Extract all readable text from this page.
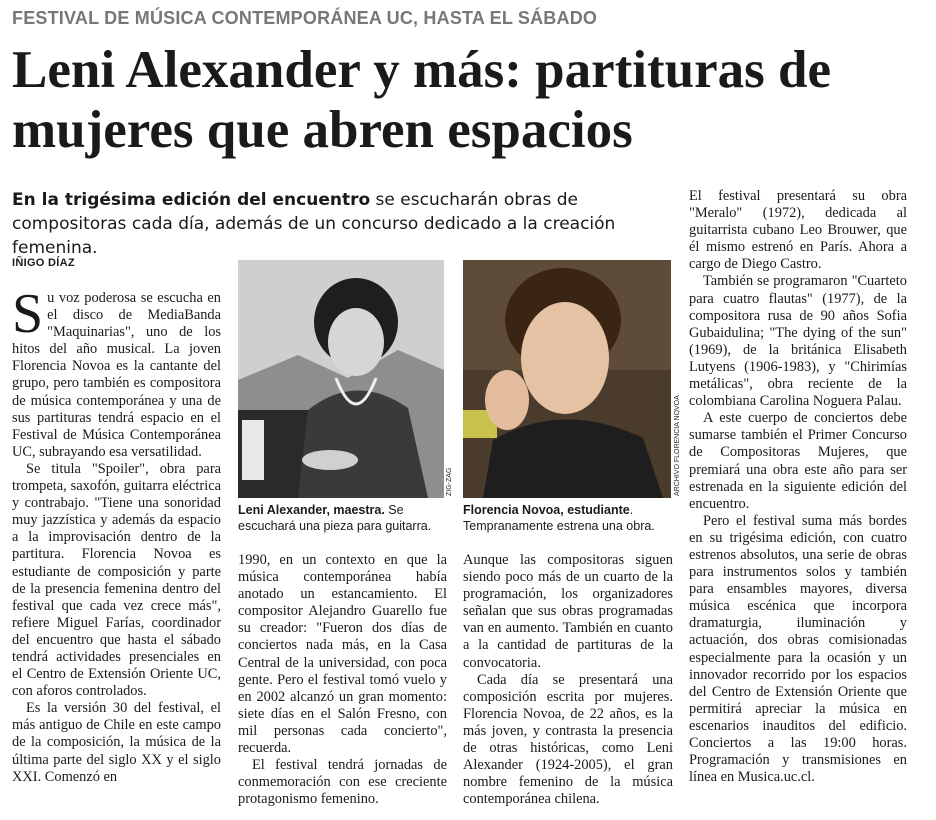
FESTIVAL DE MÚSICA CONTEMPORÁNEA UC, HASTA EL SÁBADO
Leni Alexander y más: partituras de mujeres que abren espacios
En la trigésima edición del encuentro se escucharán obras de compositoras cada día, además de un concurso dedicado a la creación femenina.
IÑIGO DÍAZ

Su voz poderosa se escucha en el disco de MediaBanda "Maquinarias", uno de los hitos del año musical. La joven Florencia Novoa es la cantante del grupo, pero también es compositora de música contemporánea y una de sus partituras tendrá espacio en el Festival de Música Contemporánea UC, subrayando esa versatilidad.

Se titula "Spoiler", obra para trompeta, saxofón, guitarra eléctrica y contrabajo. "Tiene una sonoridad muy jazzística y además da espacio a la improvisación dentro de la partitura. Florencia Novoa es estudiante de composición y parte de la presencia femenina dentro del festival que cada vez crece más", refiere Miguel Farías, coordinador del encuentro que hasta el sábado tendrá actividades presenciales en el Centro de Extensión Oriente UC, con aforos controlados.

Es la versión 30 del festival, el más antiguo de Chile en este campo de la composición, la música de la última parte del siglo XX y el siglo XXI. Comenzó en

ZIG-ZAG
Leni Alexander, maestra. Se escuchará una pieza para guitarra.
ARCHIVO FLORENCIA NOVOA
Florencia Novoa, estudiante. Tempranamente estrena una obra.

1990, en un contexto en que la música contemporánea había anotado un estancamiento. El compositor Alejandro Guarello fue su creador: "Fueron dos días de conciertos nada más, en la Casa Central de la universidad, con poca gente. Pero el festival tomó vuelo y en 2002 alcanzó un gran momento: siete días en el Salón Fresno, con mil personas cada concierto", recuerda.

El festival tendrá jornadas de conmemoración con ese creciente protagonismo femenino.

Aunque las compositoras siguen siendo poco más de un cuarto de la programación, los organizadores señalan que sus obras programadas van en aumento. También en cuanto a la cantidad de partituras de la convocatoria.

Cada día se presentará una composición escrita por mujeres. Florencia Novoa, de 22 años, es la más joven, y contrasta la presencia de otras históricas, como Leni Alexander (1924-2005), el gran nombre femenino de la música contemporánea chilena.

El festival presentará su obra "Meralo" (1972), dedicada al guitarrista cubano Leo Brouwer, que él mismo estrenó en París. Ahora a cargo de Diego Castro.

También se programaron "Cuarteto para cuatro flautas" (1977), de la compositora rusa de 90 años Sofia Gubaidulina; "The dying of the sun" (1969), de la británica Elisabeth Lutyens (1906-1983), y "Chirimías metálicas", obra reciente de la colombiana Carolina Noguera Palau.

A este cuerpo de conciertos debe sumarse también el Primer Concurso de Compositoras Mujeres, que premiará una obra este año para ser estrenada en la siguiente edición del encuentro.

Pero el festival suma más bordes en su trigésima edición, con cuatro estrenos absolutos, una serie de obras para instrumentos solos y también para ensambles mayores, diversa música escénica que incorpora dramaturgia, iluminación y actuación, dos obras comisionadas especialmente para la ocasión y un innovador recorrido por los espacios del Centro de Extensión Oriente que permitirá apreciar la música en escenarios inauditos del edificio. Conciertos a las 19:00 horas. Programación y transmisiones en línea en Musica.uc.cl.
